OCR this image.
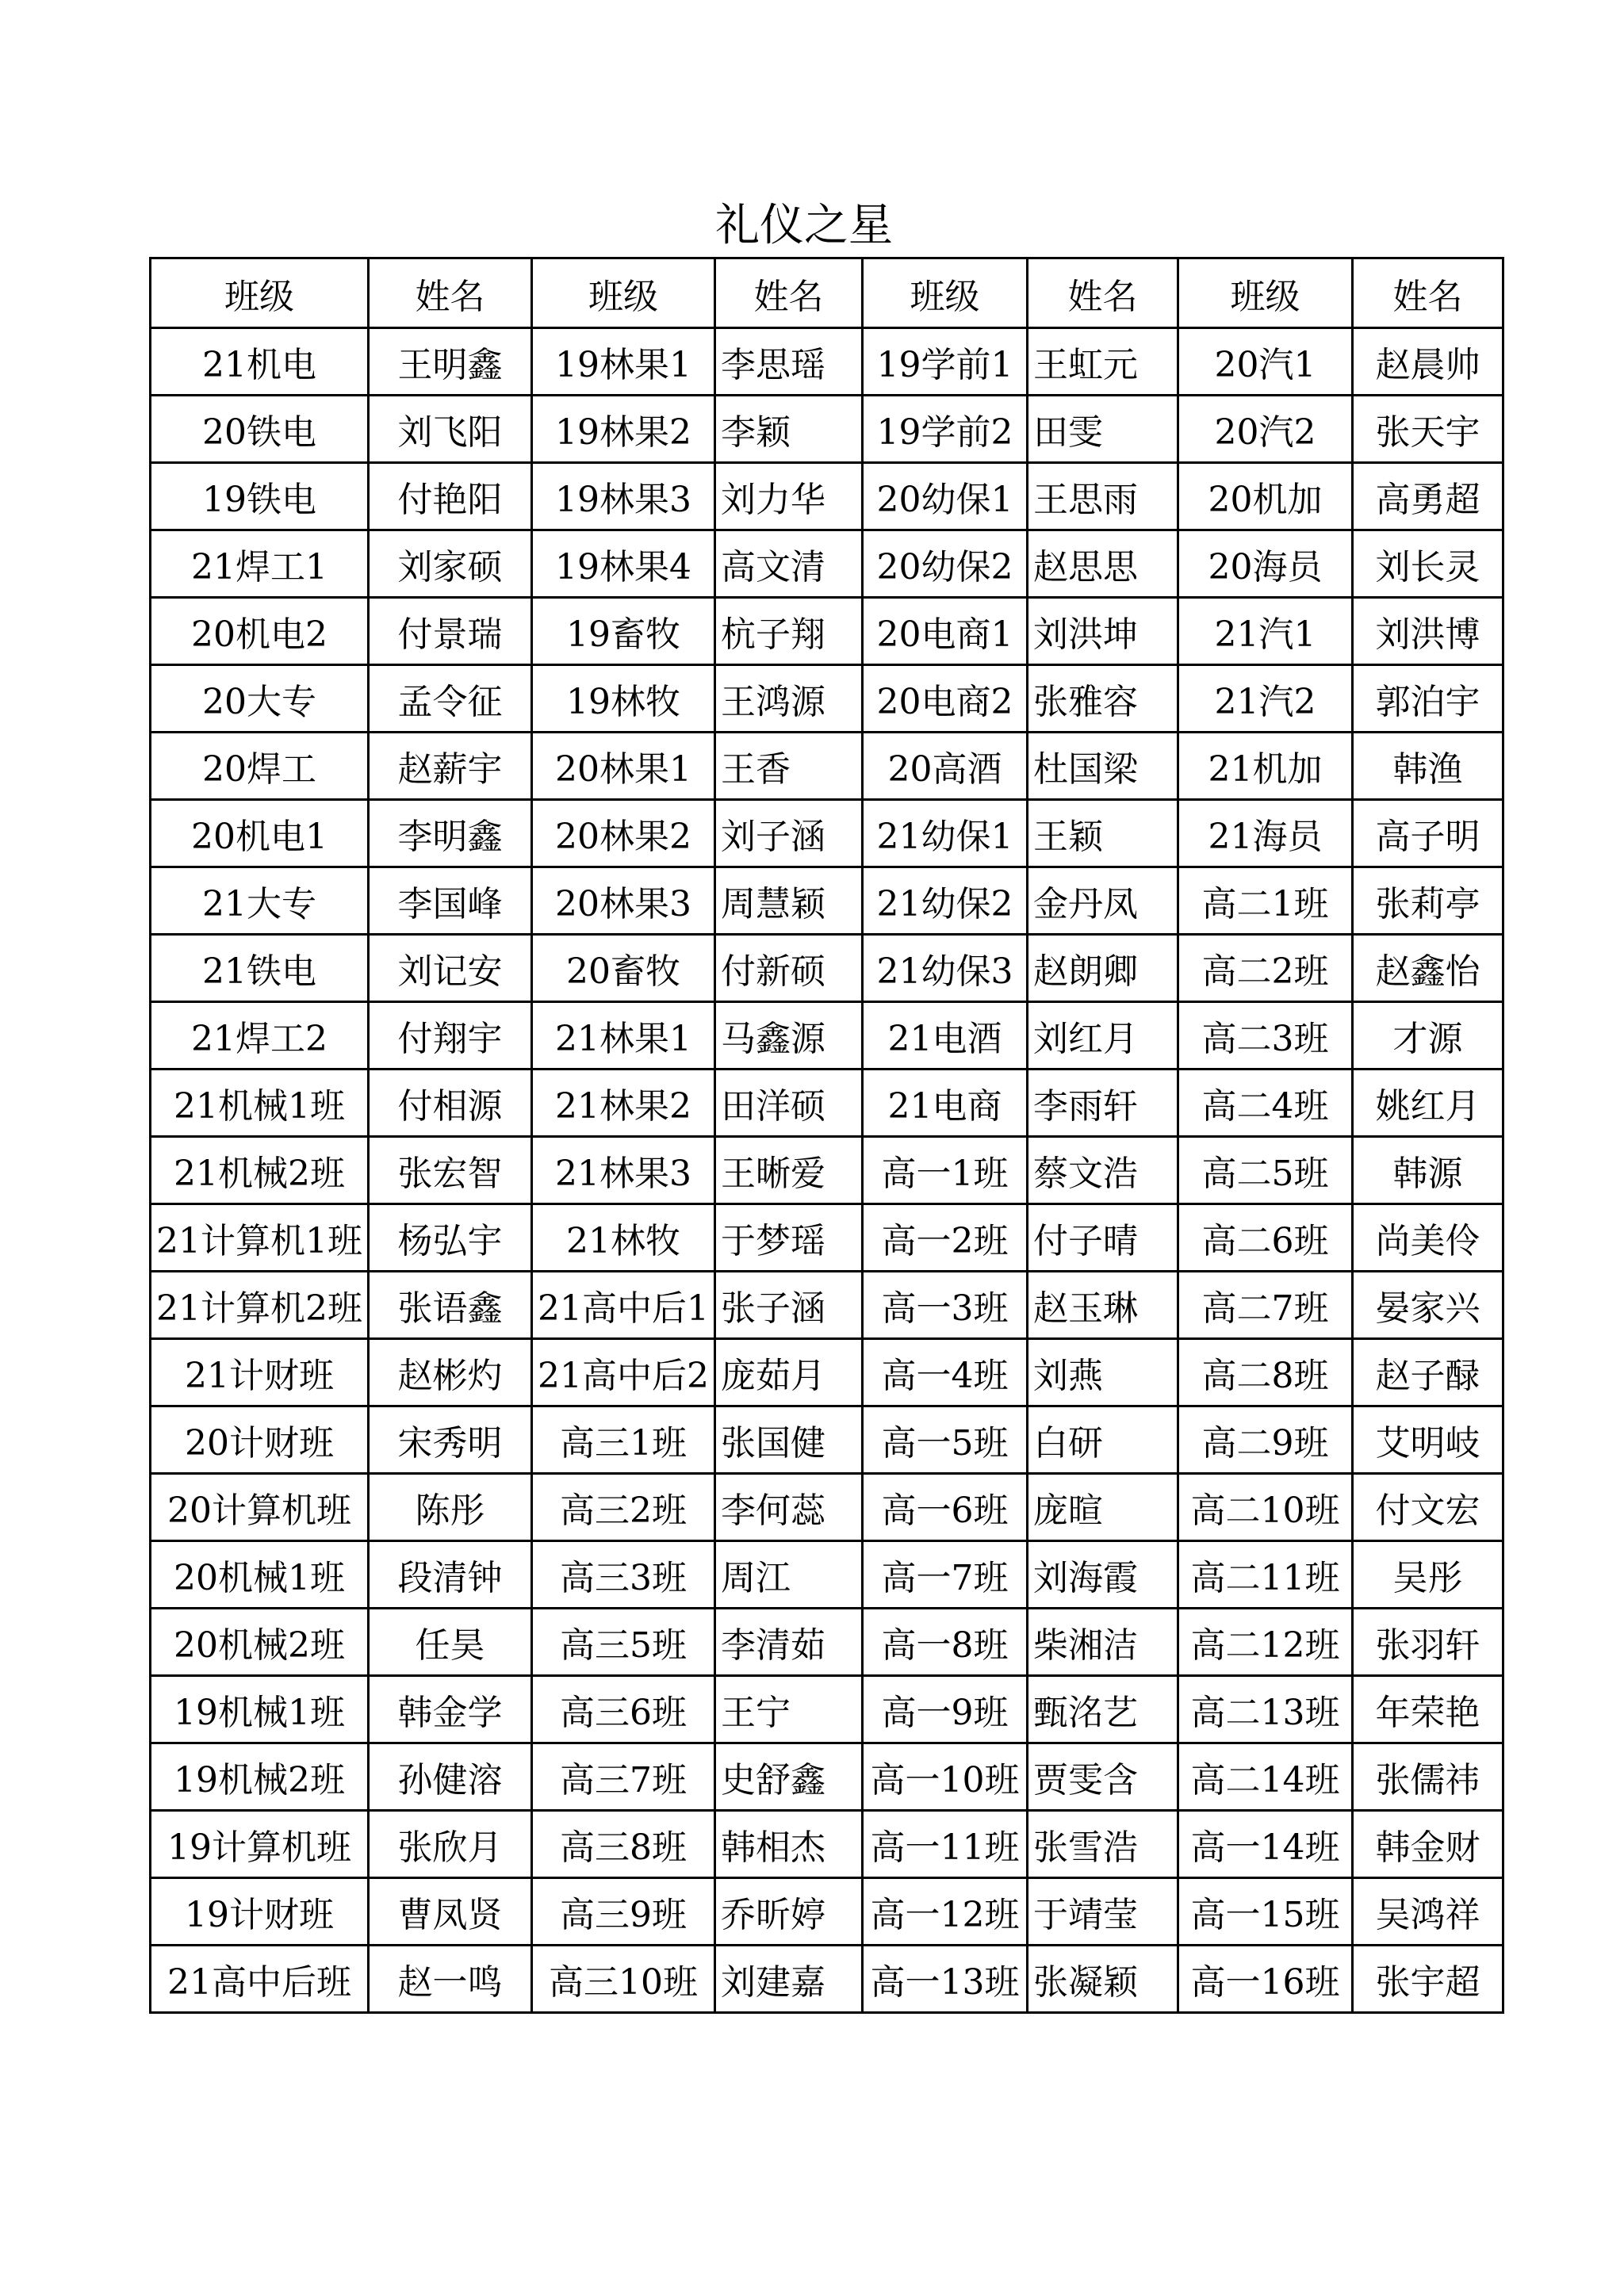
礼仪之星
班级	姓名	班级	姓名	班级	姓名	班级	姓名
21机电	王明鑫	19林果1	李思瑶	19学前1	王虹元	20汽1	赵晨帅
20铁电	刘飞阳	19林果2	李颖	19学前2	田雯	20汽2	张天宇
19铁电	付艳阳	19林果3	刘力华	20幼保1	王思雨	20机加	高勇超
21焊工1	刘家硕	19林果4	高文清	20幼保2	赵思思	20海员	刘长灵
20机电2	付景瑞	19畜牧	杭子翔	20电商1	刘洪坤	21汽1	刘洪博
20大专	孟令征	19林牧	王鸿源	20电商2	张雅容	21汽2	郭泊宇
20焊工	赵薪宇	20林果1	王香	20高酒	杜国梁	21机加	韩渔
20机电1	李明鑫	20林果2	刘子涵	21幼保1	王颖	21海员	高子明
21大专	李国峰	20林果3	周慧颖	21幼保2	金丹凤	高二1班	张莉亭
21铁电	刘记安	20畜牧	付新硕	21幼保3	赵朗卿	高二2班	赵鑫怡
21焊工2	付翔宇	21林果1	马鑫源	21电酒	刘红月	高二3班	才源
21机械1班	付相源	21林果2	田洋硕	21电商	李雨轩	高二4班	姚红月
21机械2班	张宏智	21林果3	王晰爱	高一1班	蔡文浩	高二5班	韩源
21计算机1班	杨弘宇	21林牧	于梦瑶	高一2班	付子晴	高二6班	尚美伶
21计算机2班	张语鑫	21高中后1	张子涵	高一3班	赵玉琳	高二7班	晏家兴
21计财班	赵彬灼	21高中后2	庞茹月	高一4班	刘燕	高二8班	赵子醁
20计财班	宋秀明	高三1班	张国健	高一5班	白研	高二9班	艾明岐
20计算机班	陈彤	高三2班	李何蕊	高一6班	庞暄	高二10班	付文宏
20机械1班	段清钟	高三3班	周江	高一7班	刘海霞	高二11班	吴彤
20机械2班	任昊	高三5班	李清茹	高一8班	柴湘洁	高二12班	张羽轩
19机械1班	韩金学	高三6班	王宁	高一9班	甄洺艺	高二13班	年荣艳
19机械2班	孙健溶	高三7班	史舒鑫	高一10班	贾雯含	高二14班	张儒祎
19计算机班	张欣月	高三8班	韩相杰	高一11班	张雪浩	高一14班	韩金财
19计财班	曹凤贤	高三9班	乔昕婷	高一12班	于靖莹	高一15班	吴鸿祥
21高中后班	赵一鸣	高三10班	刘建嘉	高一13班	张凝颖	高一16班	张宇超
